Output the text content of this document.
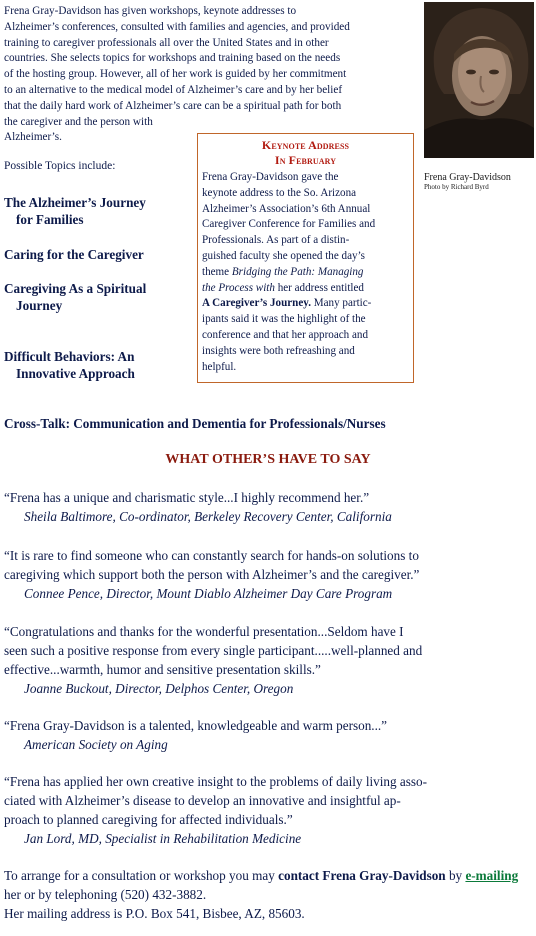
Frena Gray-Davidson has given workshops, keynote addresses to
Alzheimer’s conferences, consulted with families and agencies, and provided
training to caregiver professionals all over the United States and in other
countries. She selects topics for workshops and training based on the needs
of the hosting group. However, all of her work is guided by her commitment
to an alternative to the medical model of Alzheimer’s care and by her belief
that the daily hard work of Alzheimer’s care can be a spiritual path for both
the caregiver and the person with
Alzheimer’s.
Frena Gray-Davidson
Photo by Richard Byrd
Possible Topics include:
The Alzheimer’s Journey
for Families
Caring for the Caregiver
Caregiving As a Spiritual
Journey
Difficult Behaviors: An
Innovative Approach
Keynote Address
In February
Frena Gray-Davidson gave the
keynote address to the So. Arizona
Alzheimer’s Association’s 6th Annual
Caregiver Conference for Families and
Professionals. As part of a distin-
guished faculty she opened the day’s
theme Bridging the Path: Managing
the Process with her address entitled
A Caregiver’s Journey. Many partic-
ipants said it was the highlight of the
conference and that her approach and
insights were both refreashing and
helpful.
Cross-Talk: Communication and Dementia for Professionals/Nurses
WHAT OTHER’S HAVE TO SAY
“Frena has a unique and charismatic style...I highly recommend her.”
Sheila Baltimore, Co-ordinator, Berkeley Recovery Center, California
“It is rare to find someone who can constantly search for hands-on solutions to
caregiving which support both the person with Alzheimer’s and the caregiver.”
Connee Pence, Director, Mount Diablo Alzheimer Day Care Program
“Congratulations and thanks for the wonderful presentation...Seldom have I
seen such a positive response from every single participant.....well-planned and
effective...warmth, humor and sensitive presentation skills.”
Joanne Buckout, Director, Delphos Center, Oregon
“Frena Gray-Davidson is a talented, knowledgeable and warm person...”
American Society on Aging
“Frena has applied her own creative insight to the problems of daily living asso-
ciated with Alzheimer’s disease to develop an innovative and insightful ap-
proach to planned caregiving for affected individuals.”
Jan Lord, MD, Specialist in Rehabilitation Medicine
To arrange for a consultation or workshop you may contact Frena Gray-Davidson by e-mailing her or by telephoning (520) 432-3882.
Her mailing address is P.O. Box 541, Bisbee, AZ, 85603.
